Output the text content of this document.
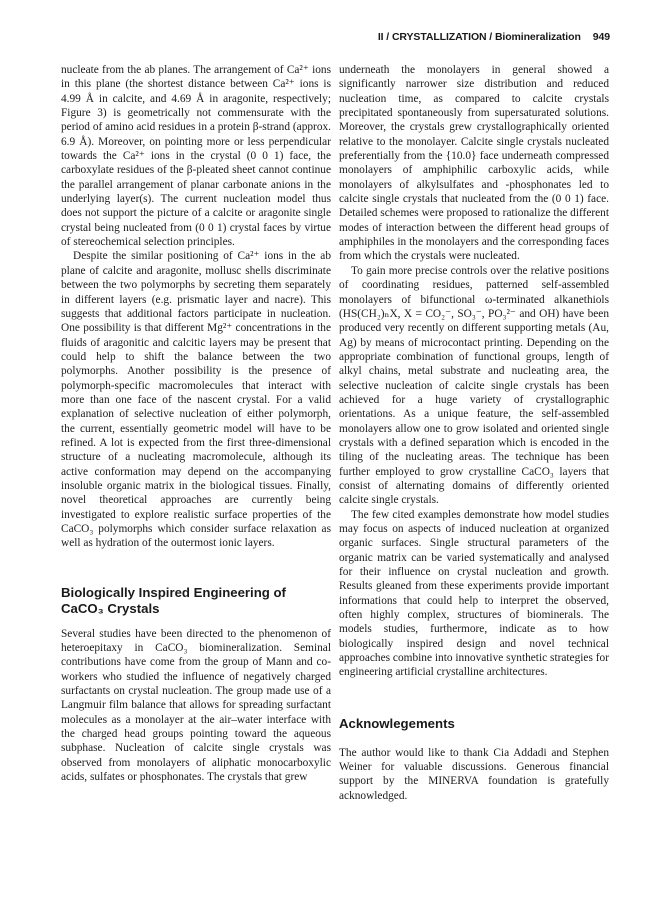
II / CRYSTALLIZATION / Biomineralization 949

nucleate from the ab planes. The arrangement of Ca²⁺ ions in this plane (the shortest distance between Ca²⁺ ions is 4.99 Å in calcite, and 4.69 Å in aragonite, respectively; Figure 3) is geometrically not commensurate with the period of amino acid residues in a protein β-strand (approx. 6.9 Å). Moreover, on pointing more or less perpendicular towards the Ca²⁺ ions in the crystal (0 0 1) face, the carboxylate residues of the β-pleated sheet cannot continue the parallel arrangement of planar carbonate anions in the underlying layer(s). The current nucleation model thus does not support the picture of a calcite or aragonite single crystal being nucleated from (0 0 1) crystal faces by virtue of stereochemical selection principles.

Despite the similar positioning of Ca²⁺ ions in the ab plane of calcite and aragonite, mollusc shells discriminate between the two polymorphs by secreting them separately in different layers (e.g. prismatic layer and nacre). This suggests that additional factors participate in nucleation. One possibility is that different Mg²⁺ concentrations in the fluids of aragonitic and calcitic layers may be present that could help to shift the balance between the two polymorphs. Another possibility is the presence of polymorph-specific macromolecules that interact with more than one face of the nascent crystal. For a valid explanation of selective nucleation of either polymorph, the current, essentially geometric model will have to be refined. A lot is expected from the first three-dimensional structure of a nucleating macromolecule, although its active conformation may depend on the accompanying insoluble organic matrix in the biological tissues. Finally, novel theoretical approaches are currently being investigated to explore realistic surface properties of the CaCO₃ polymorphs which consider surface relaxation as well as hydration of the outermost ionic layers.

Biologically Inspired Engineering of CaCO₃ Crystals

Several studies have been directed to the phenomenon of heteroepitaxy in CaCO₃ biomineralization. Seminal contributions have come from the group of Mann and co-workers who studied the influence of negatively charged surfactants on crystal nucleation. The group made use of a Langmuir film balance that allows for spreading surfactant molecules as a monolayer at the air–water interface with the charged head groups pointing toward the aqueous subphase. Nucleation of calcite single crystals was observed from monolayers of aliphatic monocarboxylic acids, sulfates or phosphonates. The crystals that grew

underneath the monolayers in general showed a significantly narrower size distribution and reduced nucleation time, as compared to calcite crystals precipitated spontaneously from supersaturated solutions. Moreover, the crystals grew crystallographically oriented relative to the monolayer. Calcite single crystals nucleated preferentially from the {10.0} face underneath compressed monolayers of amphiphilic carboxylic acids, while monolayers of alkylsulfates and -phosphonates led to calcite single crystals that nucleated from the (0 0 1) face. Detailed schemes were proposed to rationalize the different modes of interaction between the different head groups of amphiphiles in the monolayers and the corresponding faces from which the crystals were nucleated.

To gain more precise controls over the relative positions of coordinating residues, patterned self-assembled monolayers of bifunctional ω-terminated alkanethiols (HS(CH₂)ₙX, X = CO₂⁻, SO₃⁻, PO₃²⁻ and OH) have been produced very recently on different supporting metals (Au, Ag) by means of microcontact printing. Depending on the appropriate combination of functional groups, length of alkyl chains, metal substrate and nucleating area, the selective nucleation of calcite single crystals has been achieved for a huge variety of crystallographic orientations. As a unique feature, the self-assembled monolayers allow one to grow isolated and oriented single crystals with a defined separation which is encoded in the tiling of the nucleating areas. The technique has been further employed to grow crystalline CaCO₃ layers that consist of alternating domains of differently oriented calcite single crystals.

The few cited examples demonstrate how model studies may focus on aspects of induced nucleation at organized organic surfaces. Single structural parameters of the organic matrix can be varied systematically and analysed for their influence on crystal nucleation and growth. Results gleaned from these experiments provide important informations that could help to interpret the observed, often highly complex, structures of biominerals. The models studies, furthermore, indicate as to how biologically inspired design and novel technical approaches combine into innovative synthetic strategies for engineering artificial crystalline architectures.

Acknowlegements

The author would like to thank Cia Addadi and Stephen Weiner for valuable discussions. Generous financial support by the MINERVA foundation is gratefully acknowledged.
